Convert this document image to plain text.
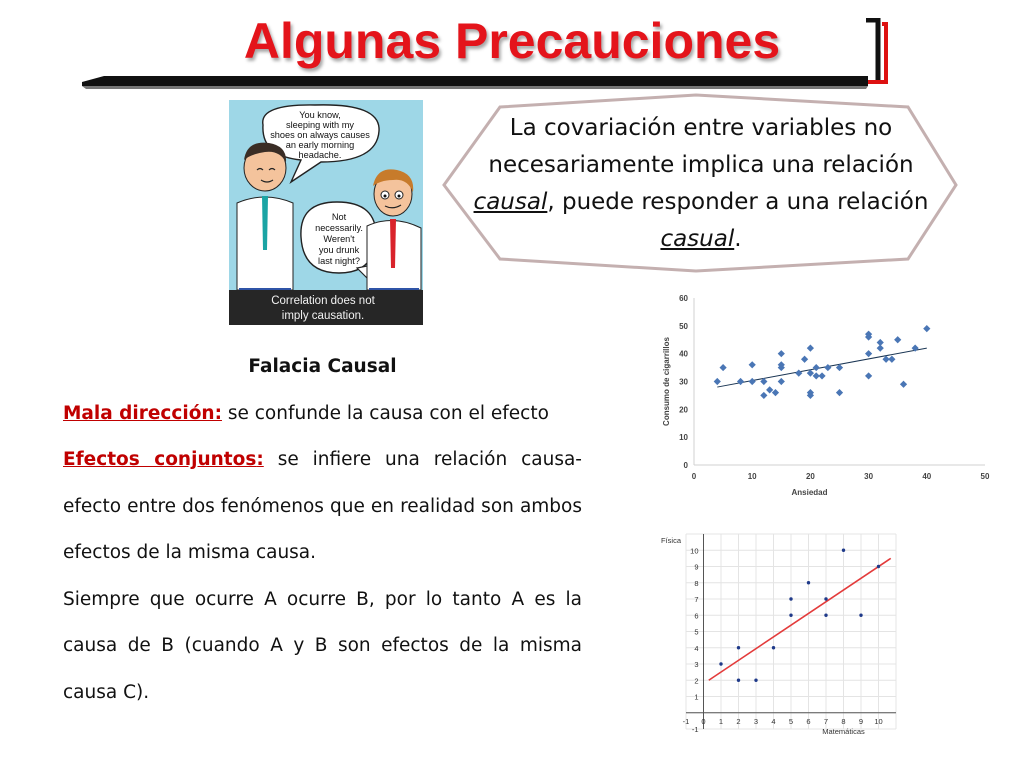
Algunas Precauciones
You know,
sleeping with my
shoes on always causes
an early morning
headache.
Not
necessarily.
Weren't
you drunk
last night?
Correlation does not
imply causation.
La covariación entre variables no necesariamente implica una relación causal, puede responder a una relación casual.

Falacia Causal

Mala dirección: se confunde la causa con el efecto

Efectos conjuntos: se infiere una relación causa-efecto entre dos fenómenos que en realidad son ambos efectos de la misma causa.

Siempre que ocurre A ocurre B, por lo tanto A es la causa de B (cuando A y B son efectos de la misma causa C).

0
10
20
30
40
50
60
0	10	20	30	40	50
Ansiedad
Consumo de cigarrillos
-1
1
2
3
4
5
6
7
8
9
10
-1 0 1 2 3 4 5 6 7 8 9 10
Física
Matemáticas
